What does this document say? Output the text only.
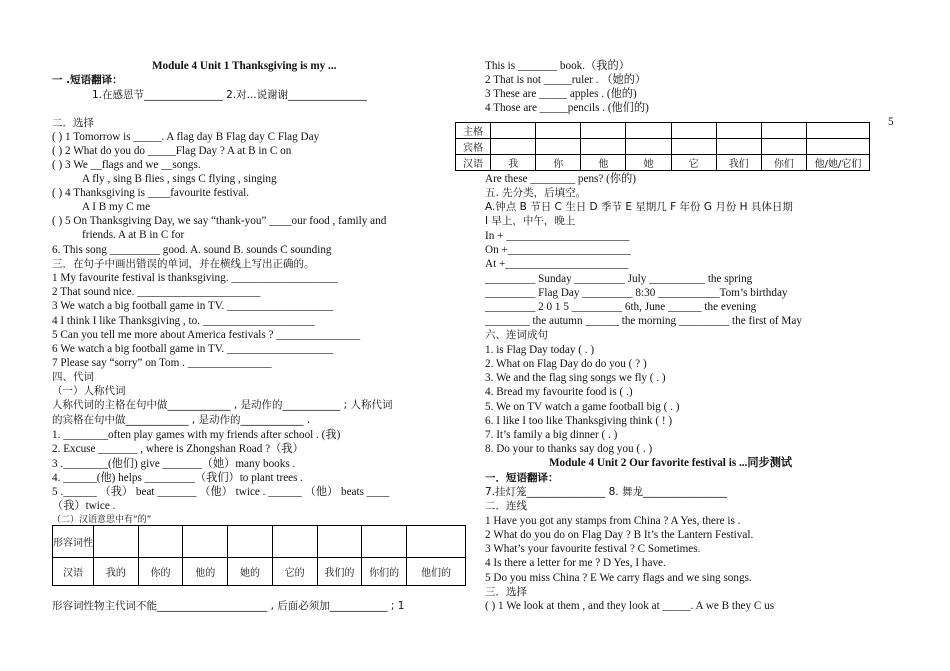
Module 4 Unit 1 Thanksgiving is my ...
一 .短语翻译：
1.在感恩节_______________ 2.对...说谢谢_______________
二．选择
( ) 1 Tomorrow is _____. A flag day B Flag day C Flag Day
( ) 2 What do you do _____Flag Day ? A at B in C on
( ) 3 We __flags and we __songs.
A fly , sing B flies , sings C flying , singing
( ) 4 Thanksgiving is ____favourite festival.
A I B my C me
( ) 5 On Thanksgiving Day, we say “thank-you” ____our food , family and
friends. A at B in C for
6. This song _________ good. A. sound B. sounds C sounding
三．在句子中画出错误的单词，并在横线上写出正确的。
1 My favourite festival is thanksgiving. ___________________
2 That sound nice. ______________________
3 We watch a big football game in TV. ___________________
4 I think I like Thanksgiving , to. ____________________
5 Can you tell me more about America festivals ? _______________
6 We watch a big football game in TV. ___________________
7 Please say “sorry” on Tom . _______________
四、代词
（一）人称代词
人称代词的主格在句中做____________ , 是动作的___________ ; 人称代词
的宾格在句中做____________ , 是动作的____________ .
1. ________often play games with my friends after school . (我)
2. Excuse _______ , where is Zhongshan Road ?（我）
3 .________(他们) give _______（她）many books .
4. ______(他) helps _________（我们）to plant trees .
5 .______ （我） beat _______ （他） twice . ______ （他） beats ____
（我）twice .
（二）汉语意思中有“的”
形容词性								
汉语	我的	你的	他的	她的	它的	我们的	你们的	他们的
形容词性物主代词不能_____________________ , 后面必须加___________ ; 1
This is _______ book.（我的）
2 That is not _____ruler . （她的）
3 These are _____ apples . (他的)
4 Those are _____pencils . (他们的)
主格								
宾格								
汉语	我	你	他	她	它	我们	你们	他/她/它们
Are these ________ pens? (你的)
五. 先分类，后填空。
A.钟点 B 节日 C 生日 D 季节 E 星期几 F 年份 G 月份 H 具体日期
I 早上，中午，晚上
In + ______________________
On +______________________
At +______________________
_________ Sunday _________ July __________ the spring
_________ Flag Day _________ 8:30 ___________Tom’s birthday
_________ 2 0 1 5 _________ 6th, June ______ the evening
________ the autumn ______ the morning _________ the first of May
六、连词成句
1. is Flag Day today ( . )
2. What on Flag Day do do you ( ? )
3. We and the flag sing songs we fly ( . )
4. Bread my favourite food is ( .)
5. We on TV watch a game football big ( . )
6. I like I too like Thanksgiving think ( ! )
7. It’s family a big dinner ( . )
8. Do your to thanks say dog you ( . )
Module 4 Unit 2 Our favorite festival is ...同步测试
一．短语翻译：
7.挂灯笼_______________ 8. 舞龙________________
二．连线
1 Have you got any stamps from China ? A Yes, there is .
2 What do you do on Flag Day ? B It’s the Lantern Festival.
3 What’s your favourite festival ? C Sometimes.
4 Is there a letter for me ? D Yes, I have.
5 Do you miss China ? E We carry flags and we sing songs.
三．选择
( ) 1 We look at them , and they look at _____. A we B they C us
5
